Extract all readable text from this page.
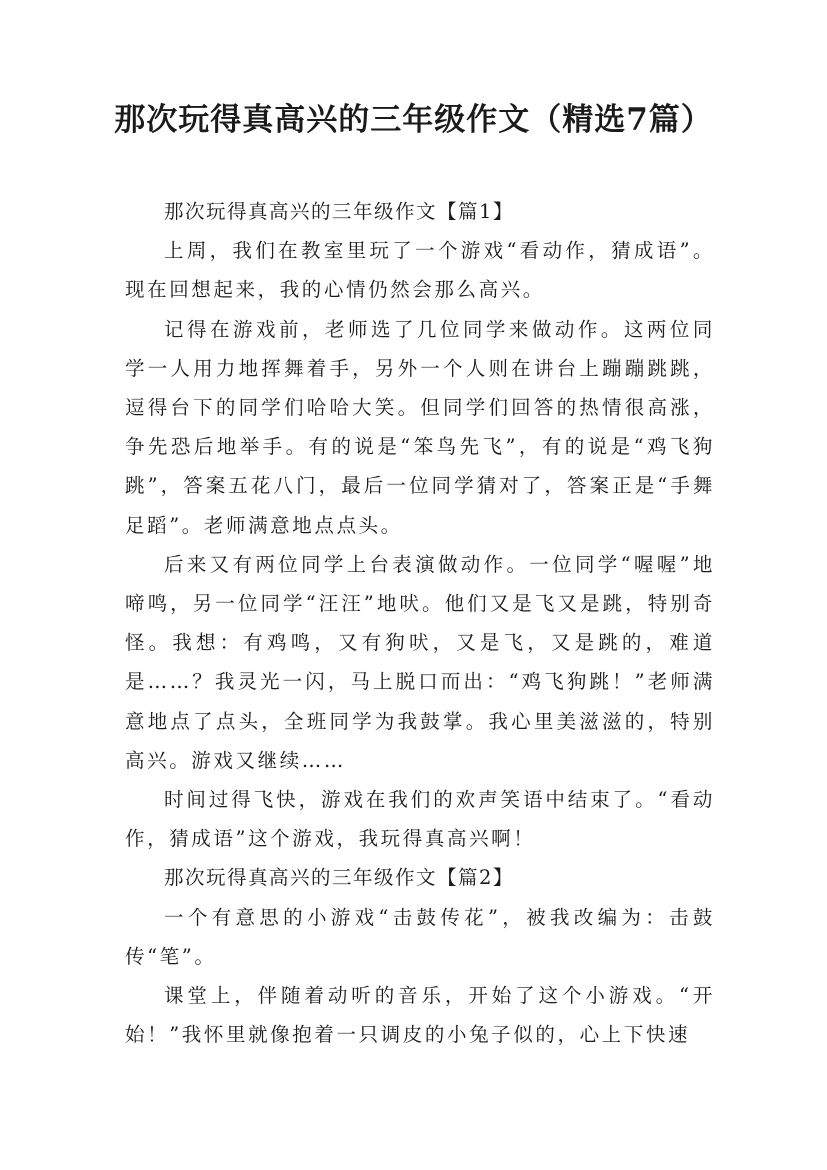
那次玩得真高兴的三年级作文（精选7篇）

那次玩得真高兴的三年级作文【篇1】

上周，我们在教室里玩了一个游戏“看动作，猜成语”。现在回想起来，我的心情仍然会那么高兴。

记得在游戏前，老师选了几位同学来做动作。这两位同学一人用力地挥舞着手，另外一个人则在讲台上蹦蹦跳跳，逗得台下的同学们哈哈大笑。但同学们回答的热情很高涨，争先恐后地举手。有的说是“笨鸟先飞”，有的说是“鸡飞狗跳”，答案五花八门，最后一位同学猜对了，答案正是“手舞足蹈”。老师满意地点点头。

后来又有两位同学上台表演做动作。一位同学“喔喔”地啼鸣，另一位同学“汪汪”地吠。他们又是飞又是跳，特别奇怪。我想：有鸡鸣，又有狗吠，又是飞，又是跳的，难道是……？我灵光一闪，马上脱口而出：“鸡飞狗跳！”老师满意地点了点头，全班同学为我鼓掌。我心里美滋滋的，特别高兴。游戏又继续……

时间过得飞快，游戏在我们的欢声笑语中结束了。“看动作，猜成语”这个游戏，我玩得真高兴啊！

那次玩得真高兴的三年级作文【篇2】

一个有意思的小游戏“击鼓传花”，被我改编为：击鼓传“笔”。

课堂上，伴随着动听的音乐，开始了这个小游戏。“开始！”我怀里就像抱着一只调皮的小兔子似的，心上下快速
